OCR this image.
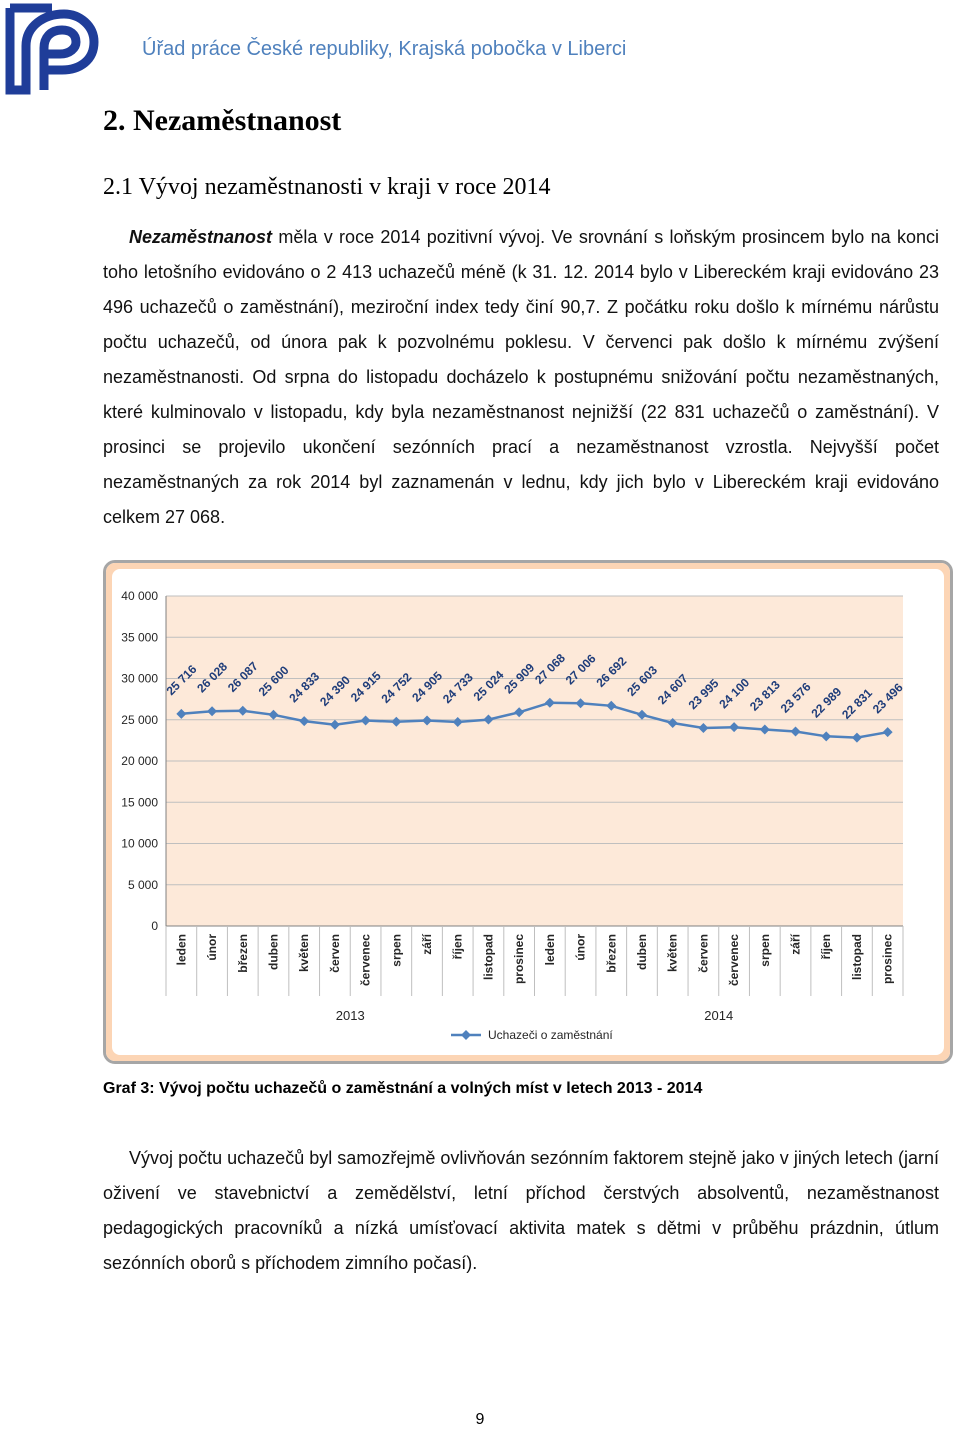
Úřad práce České republiky, Krajská pobočka v Liberci
2. Nezaměstnanost
2.1 Vývoj nezaměstnanosti v kraji v roce 2014

Nezaměstnanost měla v roce 2014 pozitivní vývoj. Ve srovnání s loňským prosincem bylo na konci toho letošního evidováno o 2 413 uchazečů méně (k 31. 12. 2014 bylo v Libereckém kraji evidováno 23 496 uchazečů o zaměstnání), meziroční index tedy činí 90,7. Z počátku roku došlo k mírnému nárůstu počtu uchazečů, od února pak k pozvolnému poklesu. V červenci pak došlo k mírnému zvýšení nezaměstnanosti. Od srpna do listopadu docházelo k postupnému snižování počtu nezaměstnaných, které kulminovalo v listopadu, kdy byla nezaměstnanost nejnižší (22 831 uchazečů o zaměstnání). V prosinci se projevilo ukončení sezónních prací a nezaměstnanost vzrostla. Nejvyšší počet nezaměstnaných za rok 2014 byl zaznamenán v lednu, kdy jich bylo v Libereckém kraji evidováno celkem 27 068.

0
5 000
10 000
15 000
20 000
25 000
30 000
35 000
40 000
leden únor březen duben květen červen červenec srpen září říjen listopad prosinec leden únor březen duben květen červen červenec srpen září říjen listopad prosinec
2013	2014
25 716
26 028
26 087
25 600
24 833
24 390
24 915
24 752
24 905
24 733
25 024
25 909
27 068
27 006
26 692
25 603
24 607
23 995
24 100
23 813
23 576
22 989
22 831
23 496
Uchazeči o zaměstnání
Graf 3: Vývoj počtu uchazečů o zaměstnání a volných míst v letech 2013 - 2014

Vývoj počtu uchazečů byl samozřejmě ovlivňován sezónním faktorem stejně jako v jiných letech (jarní oživení ve stavebnictví a zemědělství, letní příchod čerstvých absolventů, nezaměstnanost pedagogických pracovníků a nízká umísťovací aktivita matek s dětmi v průběhu prázdnin, útlum sezónních oborů s příchodem zimního počasí).

9
